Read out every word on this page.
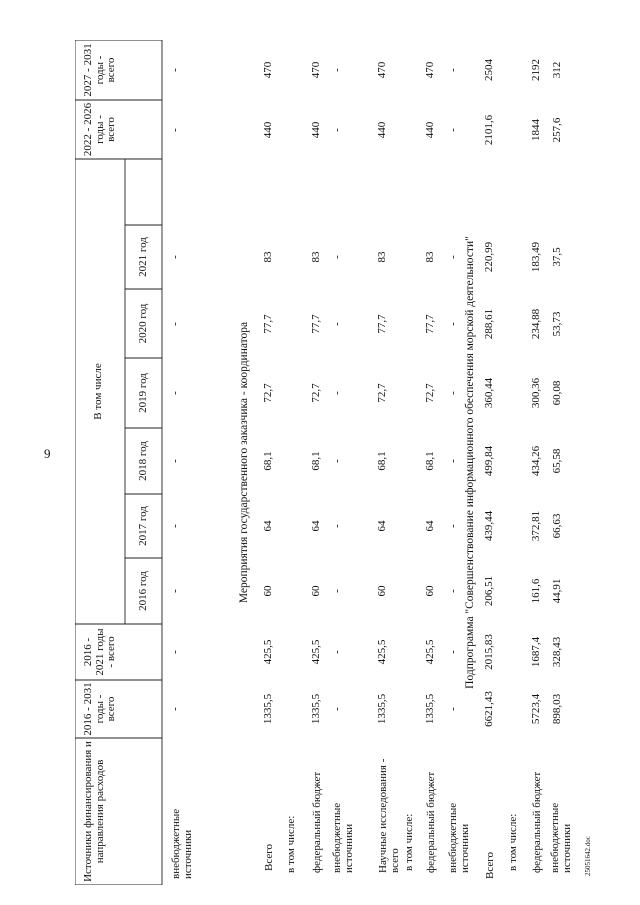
9
25051642.doc
Источники финансирования и направления расходов
2016 - 2031 годы - всего
2016 - 2021 годы - всего
В том числе
2016 год
2017 год
2018 год
2019 год
2020 год
2021 год
2022 - 2026 годы - всего
2027 - 2031 годы - всего
Мероприятия государственного заказчика - координатора	Подпрограмма "Совершенствование информационного обеспечения морской деятельности"
внебюджетные источники
-
-
-
-
-
-
-
-
-
-
Всего
1335,5
425,5
60
64
68,1
72,7
77,7
83
440
470
в том числе: федеральный бюджет
1335,5
425,5
60
64
68,1
72,7
77,7
83
440
470
внебюджетные источники
-
-
-
-
-
-
-
-
-
-
Научные исследования - всего
1335,5
425,5
60
64
68,1
72,7
77,7
83
440
470
в том числе: федеральный бюджет
1335,5
425,5
60
64
68,1
72,7
77,7
83
440
470
внебюджетные источники
-
-
-
-
-
-
-
-
-
-
Всего
6621,43
2015,83
206,51
439,44
499,84
360,44
288,61
220,99
2101,6
2504
в том числе: федеральный бюджет
5723,4
1687,4
161,6
372,81
434,26
300,36
234,88
183,49
1844
2192
внебюджетные источники
898,03
328,43
44,91
66,63
65,58
60,08
53,73
37,5
257,6
312
